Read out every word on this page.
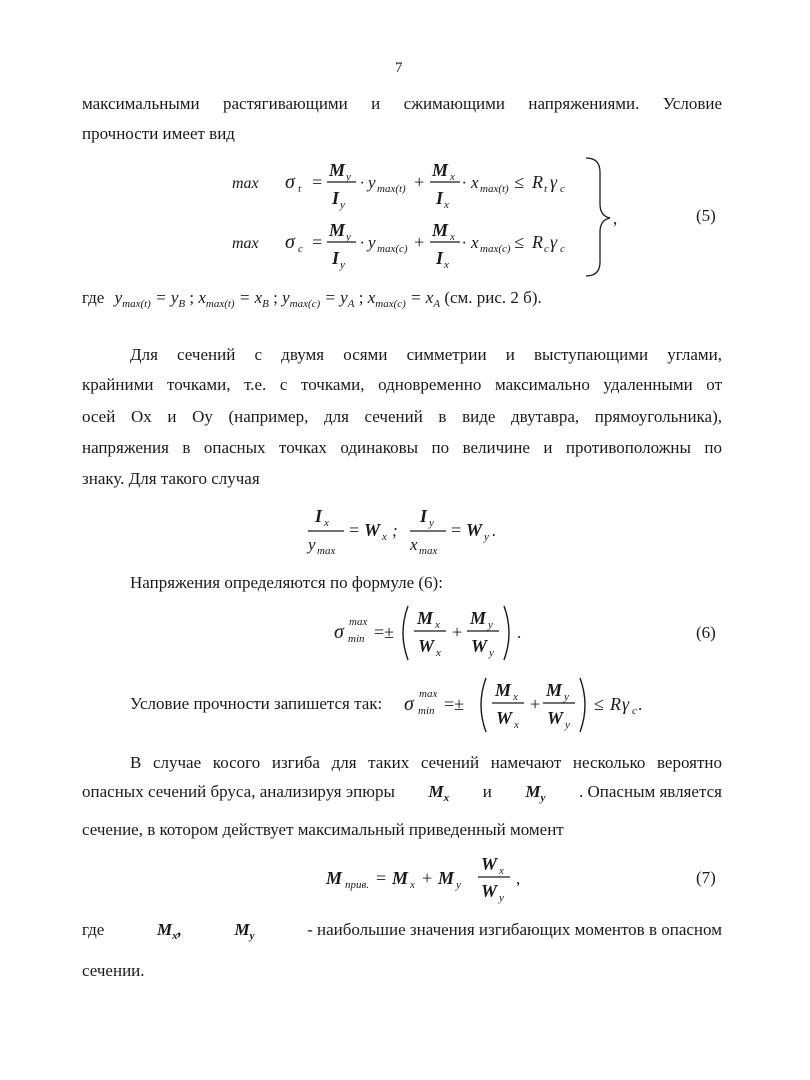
7
максимальными растягивающими и сжимающими напряжениями. Условие
прочности имеет вид
max σ t =
M y
I y
· y max(t) +
M x
I x
· x max(t) ≤ R t γ c
max σ c =
M y
I y
· y max(c) +
M x
I x
· x max(c) ≤ R c γ c
,	(5)
где $y_{max(t)} = y_B$ ; $x_{max(t)} = x_B$ ; $y_{max(c)} = y_A$ ; $x_{max(c)} = x_A$ (см. рис. 2 б).
Для сечений с двумя осями симметрии и выступающими углами,
крайними точками, т.е. с точками, одновременно максимально удаленными от
осей Ox и Oy (например, для сечений в виде двутавра, прямоугольника),
напряжения в опасных точках одинаковы по величине и противоположны по
знаку. Для такого случая
I x
y max
= W x ;
I y
x max
= W y .
Напряжения определяются по формуле (6):
σ max
min =±
M x
W x
+
M y
W y
.	(6)
Условие прочности запишется так: σ max
min =±
M x
W x
+
M y
W y
≤ R γ c .
В случае косого изгиба для таких сечений намечают несколько вероятно
опасных сечений бруса, анализируя эпюры $M_x$ и $M_y$ . Опасным является
сечение, в котором действует максимальный приведенный момент
M прив. = M x + M y
W x
W y
,	(7)
где	$M_x$,	$M_y$	- наибольшие значения изгибающих моментов в опасном
сечении.
